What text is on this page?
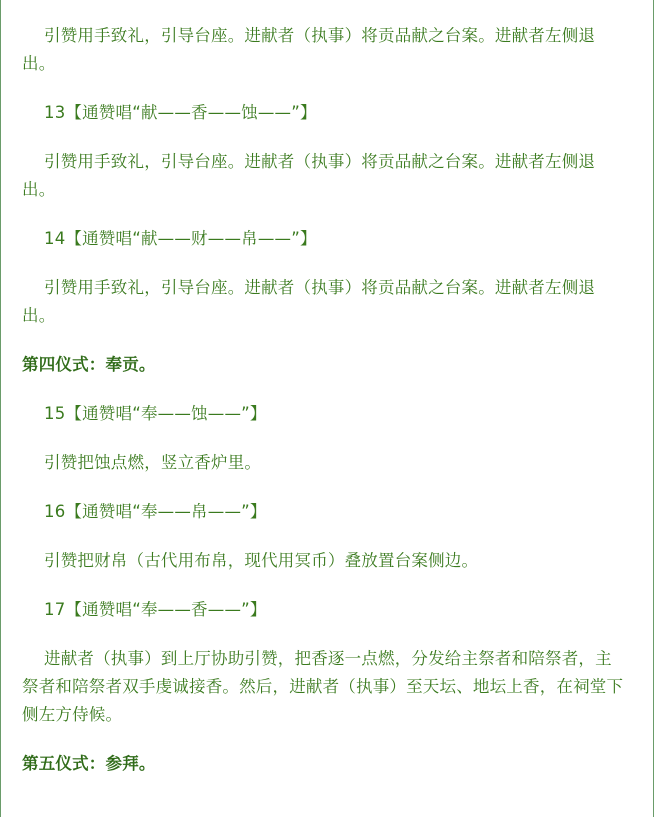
引赞用手致礼，引导台座。进献者（执事）将贡品献之台案。进献者左侧退出。

13【通赞唱“献——香——蚀——”】

引赞用手致礼，引导台座。进献者（执事）将贡品献之台案。进献者左侧退出。

14【通赞唱“献——财——帛——”】

引赞用手致礼，引导台座。进献者（执事）将贡品献之台案。进献者左侧退出。

第四仪式：奉贡。

15【通赞唱“奉——蚀——”】

引赞把蚀点燃，竖立香炉里。

16【通赞唱“奉——帛——”】

引赞把财帛（古代用布帛，现代用冥币）叠放置台案侧边。

17【通赞唱“奉——香——”】

进献者（执事）到上厅协助引赞，把香逐一点燃，分发给主祭者和陪祭者，主祭者和陪祭者双手虔诚接香。然后，进献者（执事）至天坛、地坛上香，在祠堂下侧左方侍候。

第五仪式：参拜。
